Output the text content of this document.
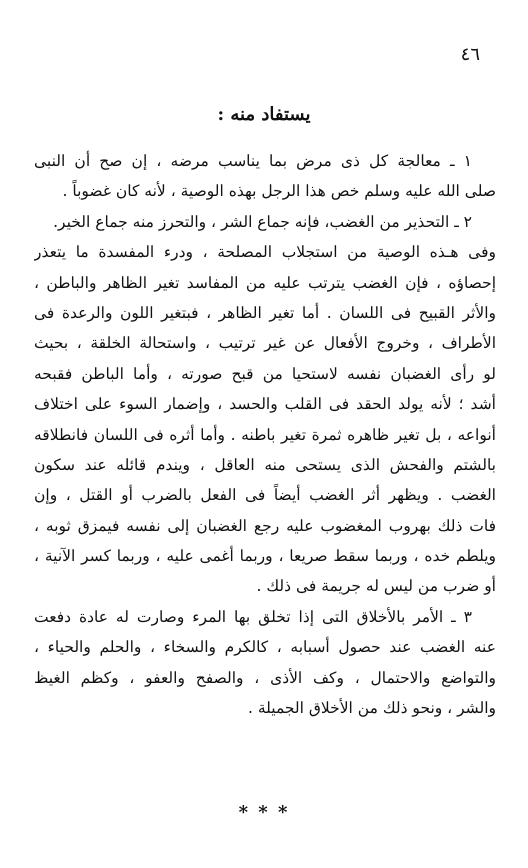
٤٦
يستفاد منه :
١ ـ معالجة كل ذى مرض بما يناسب مرضه ، إن صح أن النبى
صلى الله عليه وسلم خص هذا الرجل بهذه الوصية ، لأنه كان غضوباً .
٢ ـ التحذير من الغضب، فإنه جماع الشر ، والتحرز منه جماع الخير.
وفى هـذه الوصية من استجلاب المصلحة ، ودرء المفسدة ما يتعذر
إحصاؤه ، فإن الغضب يترتب عليه من المفاسد تغير الظاهر والباطن ،
والأثر القبيح فى اللسان . أما تغير الظاهر ، فبتغير اللون والرعدة فى
الأطراف ، وخروج الأفعال عن غير ترتيب ، واستحالة الخلقة ، بحيث
لو رأى الغضبان نفسه لاستحيا من قبح صورته ، وأما الباطن فقبحه
أشد ؛ لأنه يولد الحقد فى القلب والحسد ، وإضمار السوء على اختلاف
أنواعه ، بل تغير ظاهره ثمرة تغير باطنه . وأما أثره فى اللسان فانطلاقه
بالشتم والفحش الذى يستحى منه العاقل ، ويندم قائله عند سكون
الغضب . ويظهر أثر الغضب أيضاً فى الفعل بالضرب أو القتل ، وإن
فات ذلك بهروب المغضوب عليه رجع الغضبان إلى نفسه فيمزق ثوبه ،
ويلطم خده ، وربما سقط صريعا ، وربما أغمى عليه ، وربما كسر الآنية ،
أو ضرب من ليس له جريمة فى ذلك .
٣ ـ الأمر بالأخلاق التى إذا تخلق بها المرء وصارت له عادة دفعت
عنه الغضب عند حصول أسبابه ، كالكرم والسخاء ، والحلم والحياء ،
والتواضع والاحتمال ، وكف الأذى ، والصفح والعفو ، وكظم الغيظ
والشر ، ونحو ذلك من الأخلاق الجميلة .
* * *
